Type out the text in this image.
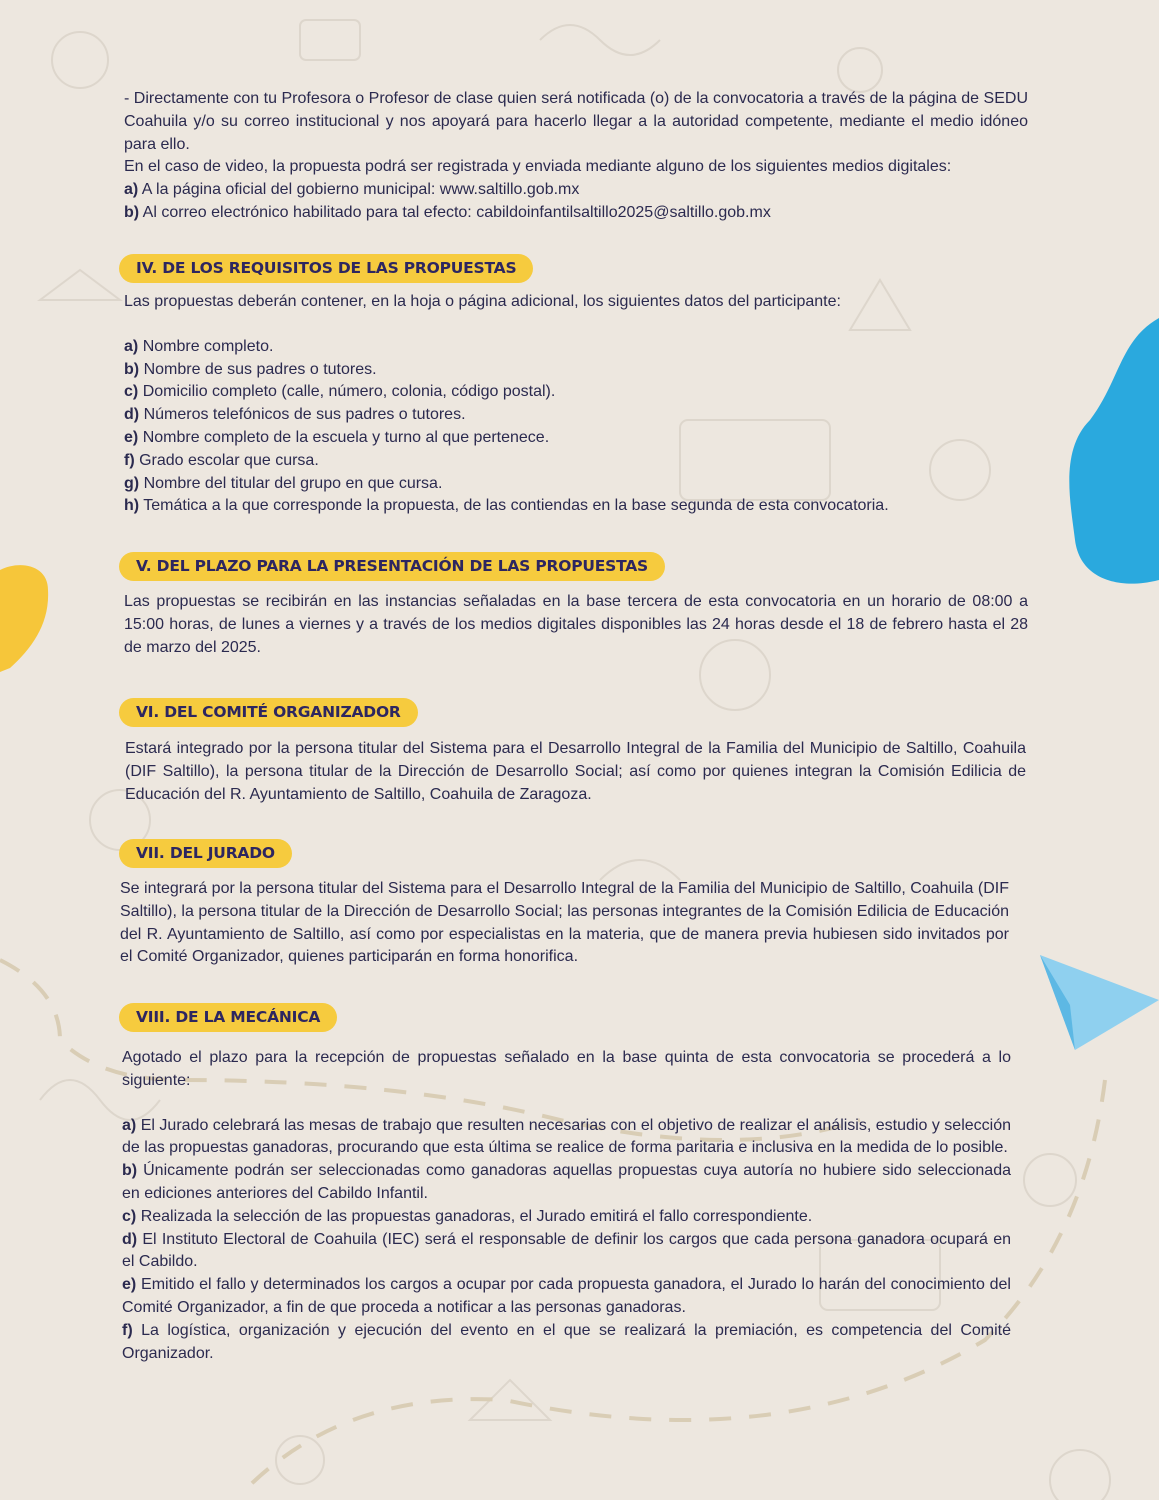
- Directamente con tu Profesora o Profesor de clase quien será notificada (o) de la convocatoria a través de la página de SEDU Coahuila y/o su correo institucional y nos apoyará para hacerlo llegar a la autoridad competente, mediante el medio idóneo para ello.

En el caso de video, la propuesta podrá ser registrada y enviada mediante alguno de los siguientes medios digitales:

a) A la página oficial del gobierno municipal: www.saltillo.gob.mx

b) Al correo electrónico habilitado para tal efecto: cabildoinfantilsaltillo2025@saltillo.gob.mx

IV. DE LOS REQUISITOS DE LAS PROPUESTAS

Las propuestas deberán contener, en la hoja o página adicional, los siguientes datos del participante:

a) Nombre completo.

b) Nombre de sus padres o tutores.

c) Domicilio completo (calle, número, colonia, código postal).

d) Números telefónicos de sus padres o tutores.

e) Nombre completo de la escuela y turno al que pertenece.

f) Grado escolar que cursa.

g) Nombre del titular del grupo en que cursa.

h) Temática a la que corresponde la propuesta, de las contiendas en la base segunda de esta convocatoria.

V. DEL PLAZO PARA LA PRESENTACIÓN DE LAS PROPUESTAS
Las propuestas se recibirán en las instancias señaladas en la base tercera de esta convocatoria en un horario de 08:00 a 15:00 horas, de lunes a viernes y a través de los medios digitales disponibles las 24 horas desde el 18 de febrero hasta el 28 de marzo del 2025.
VI. DEL COMITÉ ORGANIZADOR
Estará integrado por la persona titular del Sistema para el Desarrollo Integral de la Familia del Municipio de Saltillo, Coahuila (DIF Saltillo), la persona titular de la Dirección de Desarrollo Social; así como por quienes integran la Comisión Edilicia de Educación del R. Ayuntamiento de Saltillo, Coahuila de Zaragoza.
VII. DEL JURADO
Se integrará por la persona titular del Sistema para el Desarrollo Integral de la Familia del Municipio de Saltillo, Coahuila (DIF Saltillo), la persona titular de la Dirección de Desarrollo Social; las personas integrantes de la Comisión Edilicia de Educación del R. Ayuntamiento de Saltillo, así como por especialistas en la materia, que de manera previa hubiesen sido invitados por el Comité Organizador, quienes participarán en forma honorifica.
VIII. DE LA MECÁNICA

Agotado el plazo para la recepción de propuestas señalado en la base quinta de esta convocatoria se procederá a lo siguiente:

a) El Jurado celebrará las mesas de trabajo que resulten necesarias con el objetivo de realizar el análisis, estudio y selección de las propuestas ganadoras, procurando que esta última se realice de forma paritaria e inclusiva en la medida de lo posible.

b) Únicamente podrán ser seleccionadas como ganadoras aquellas propuestas cuya autoría no hubiere sido seleccionada en ediciones anteriores del Cabildo Infantil.

c) Realizada la selección de las propuestas ganadoras, el Jurado emitirá el fallo correspondiente.

d) El Instituto Electoral de Coahuila (IEC) será el responsable de definir los cargos que cada persona ganadora ocupará en el Cabildo.

e) Emitido el fallo y determinados los cargos a ocupar por cada propuesta ganadora, el Jurado lo harán del conocimiento del Comité Organizador, a fin de que proceda a notificar a las personas ganadoras.

f) La logística, organización y ejecución del evento en el que se realizará la premiación, es competencia del Comité Organizador.
